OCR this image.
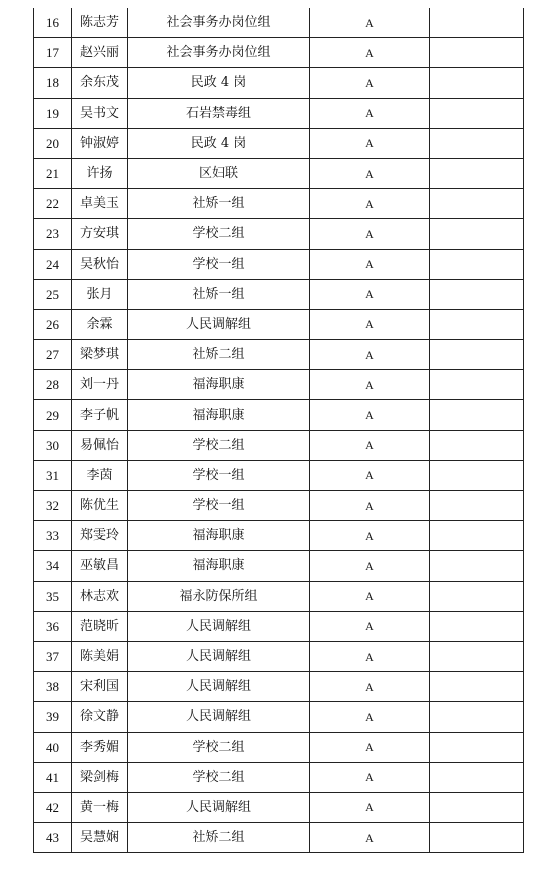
16	陈志芳	社会事务办岗位组	A	
17	赵兴丽	社会事务办岗位组	A	
18	余东茂	民政 4 岗	A	
19	吴书文	石岩禁毒组	A	
20	钟淑婷	民政 4 岗	A	
21	许扬	区妇联	A	
22	卓美玉	社矫一组	A	
23	方安琪	学校二组	A	
24	吴秋怡	学校一组	A	
25	张月	社矫一组	A	
26	余霖	人民调解组	A	
27	梁梦琪	社矫二组	A	
28	刘一丹	福海职康	A	
29	李子帆	福海职康	A	
30	易佩怡	学校二组	A	
31	李茵	学校一组	A	
32	陈优生	学校一组	A	
33	郑雯玲	福海职康	A	
34	巫敏昌	福海职康	A	
35	林志欢	福永防保所组	A	
36	范晓昕	人民调解组	A	
37	陈美娟	人民调解组	A	
38	宋利国	人民调解组	A	
39	徐文静	人民调解组	A	
40	李秀媚	学校二组	A	
41	梁剑梅	学校二组	A	
42	黄一梅	人民调解组	A	
43	吴慧娴	社矫二组	A	
